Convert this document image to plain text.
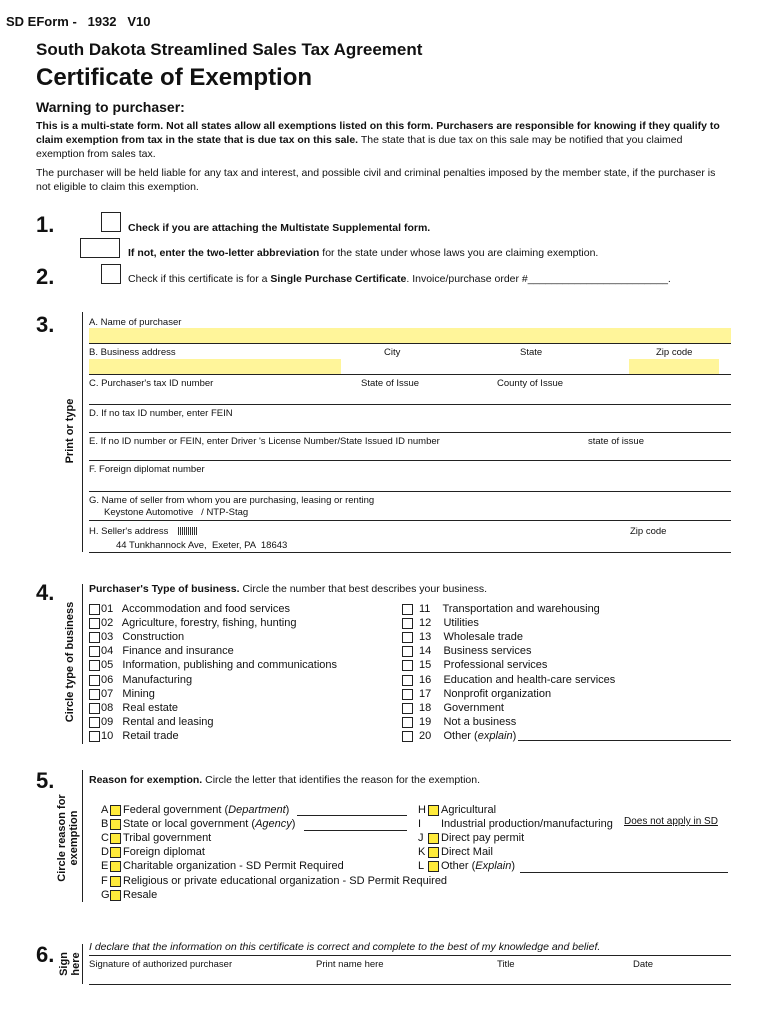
SD EForm -   1932   V10
South Dakota Streamlined Sales Tax Agreement
Certificate of Exemption
Warning to purchaser:
This is a multi-state form. Not all states allow all exemptions listed on this form. Purchasers are responsible for knowing if they qualify to claim exemption from tax in the state that is due tax on this sale. The state that is due tax on this sale may be notified that you claimed exemption from sales tax.
The purchaser will be held liable for any tax and interest, and possible civil and criminal penalties imposed by the member state, if the purchaser is not eligible to claim this exemption.
1.	Check if you are attaching the Multistate Supplemental form.
If not, enter the two-letter abbreviation for the state under whose laws you are claiming exemption.
2.	Check if this certificate is for a Single Purchase Certificate. Invoice/purchase order #________________________.
3.
Print or type
A. Name of purchaser
B. Business address	City	State	Zip code
C. Purchaser's tax ID number	State of Issue	County of Issue
D. If no tax ID number, enter FEIN
E. If no ID number or FEIN, enter Driver 's License Number/State Issued ID number	state of issue
F. Foreign diplomat number
G. Name of seller from whom you are purchasing, leasing or renting
Keystone Automotive   / NTP-Stag
H. Seller's address	Zip code
44 Tunkhannock Ave,  Exeter, PA  18643
4.
Circle type of business
Purchaser's Type of business. Circle the number that best describes your business.
01   Accommodation and food services
02   Agriculture, forestry, fishing, hunting
03   Construction
04   Finance and insurance
05   Information, publishing and communications
06   Manufacturing
07   Mining
08   Real estate
09   Rental and leasing
10   Retail trade
11    Transportation and warehousing
12    Utilities
13    Wholesale trade
14    Business services
15    Professional services
16    Education and health-care services
17    Nonprofit organization
18    Government
19    Not a business
20    Other (explain)
5.
Circle reason for exemption
Reason for exemption. Circle the letter that identifies the reason for the exemption.
A Federal government (Department)
B State or local government (Agency)
C Tribal government
D Foreign diplomat
E Charitable organization - SD Permit Required
F Religious or private educational organization - SD Permit Required
G Resale
H Agricultural
I Industrial production/manufacturing
J Direct pay permit
K Direct Mail
L Other (Explain)
Does not apply in SD
6. Sign here
I declare that the information on this certificate is correct and complete to the best of my knowledge and belief.
Signature of authorized purchaser	Print name here	Title	Date
